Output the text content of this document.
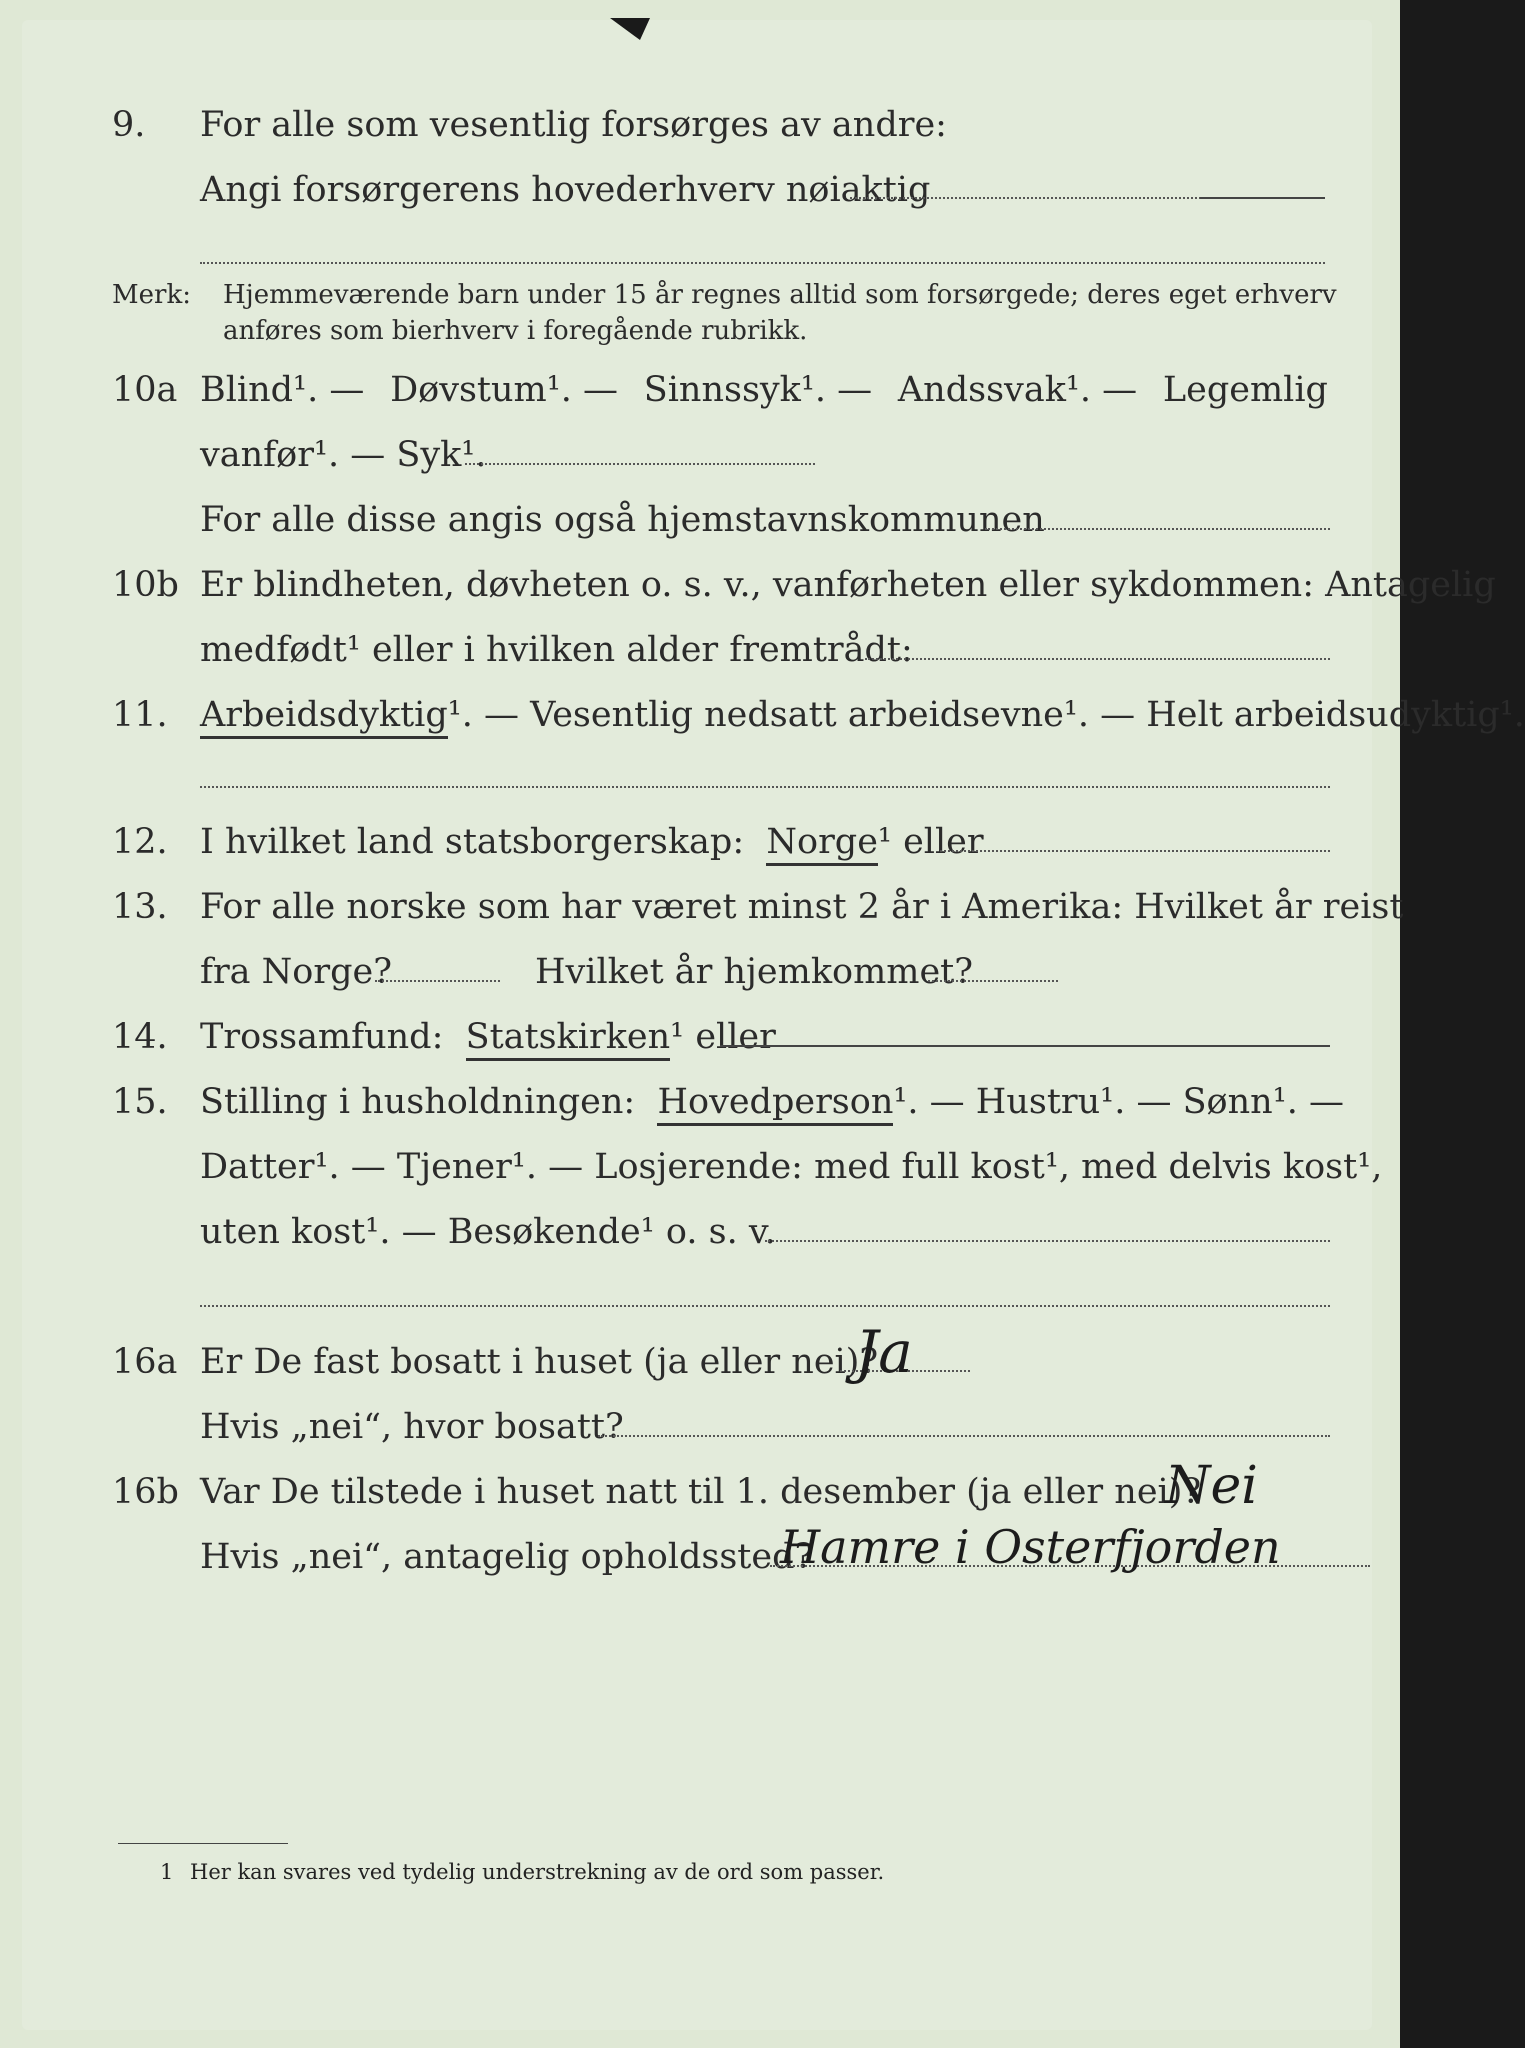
9. For alle som vesentlig forsørges av andre:
Angi forsørgerens hovederhverv nøiaktig
Merk: Hjemmeværende barn under 15 år regnes alltid som forsørgede; deres eget erhverv
anføres som bierhverv i foregående rubrikk.
10a Blind¹. — Døvstum¹. — Sinnssyk¹. — Andssvak¹. — Legemlig
vanfør¹. — Syk¹.
For alle disse angis også hjemstavnskommunen
10b Er blindheten, døvheten o. s. v., vanførheten eller sykdommen: Antagelig
medfødt¹ eller i hvilken alder fremtrådt:
11. Arbeidsdyktig¹. — Vesentlig nedsatt arbeidsevne¹. — Helt arbeidsudyktig¹.
12. I hvilket land statsborgerskap: Norge¹ eller
13. For alle norske som har været minst 2 år i Amerika: Hvilket år reist
fra Norge?	Hvilket år hjemkommet?
14. Trossamfund: Statskirken¹ eller
15. Stilling i husholdningen: Hovedperson¹. — Hustru¹. — Sønn¹. —
Datter¹. — Tjener¹. — Losjerende: med full kost¹, med delvis kost¹,
uten kost¹. — Besøkende¹ o. s. v.
16a Er De fast bosatt i huset (ja eller nei)?
Ja
Hvis „nei“, hvor bosatt?
16b Var De tilstede i huset natt til 1. desember (ja eller nei)?
Nei
Hvis „nei“, antagelig opholdssted?
Hamre i Osterfjorden
1 Her kan svares ved tydelig understrekning av de ord som passer.
